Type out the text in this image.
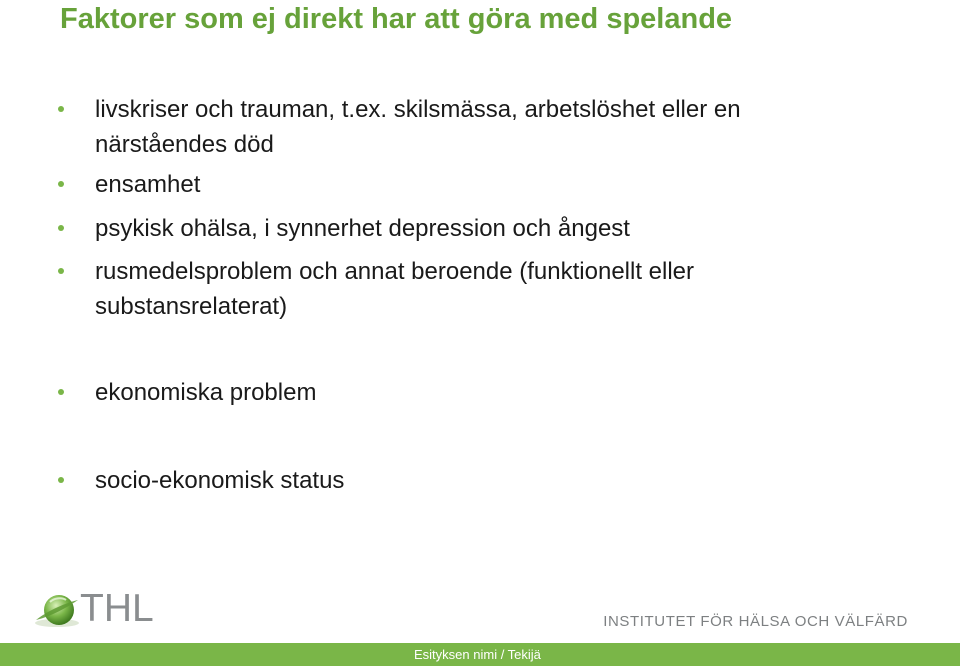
Faktorer som ej direkt har att göra med spelande
livskriser och trauman, t.ex. skilsmässa, arbetslöshet eller en närståendes död
ensamhet
psykisk ohälsa, i synnerhet depression och ångest
rusmedelsproblem och annat beroende (funktionellt eller substansrelaterat)
ekonomiska problem
socio-ekonomisk status
THL	INSTITUTET FÖR HÄLSA OCH VÄLFÄRD
Esityksen nimi / Tekijä
